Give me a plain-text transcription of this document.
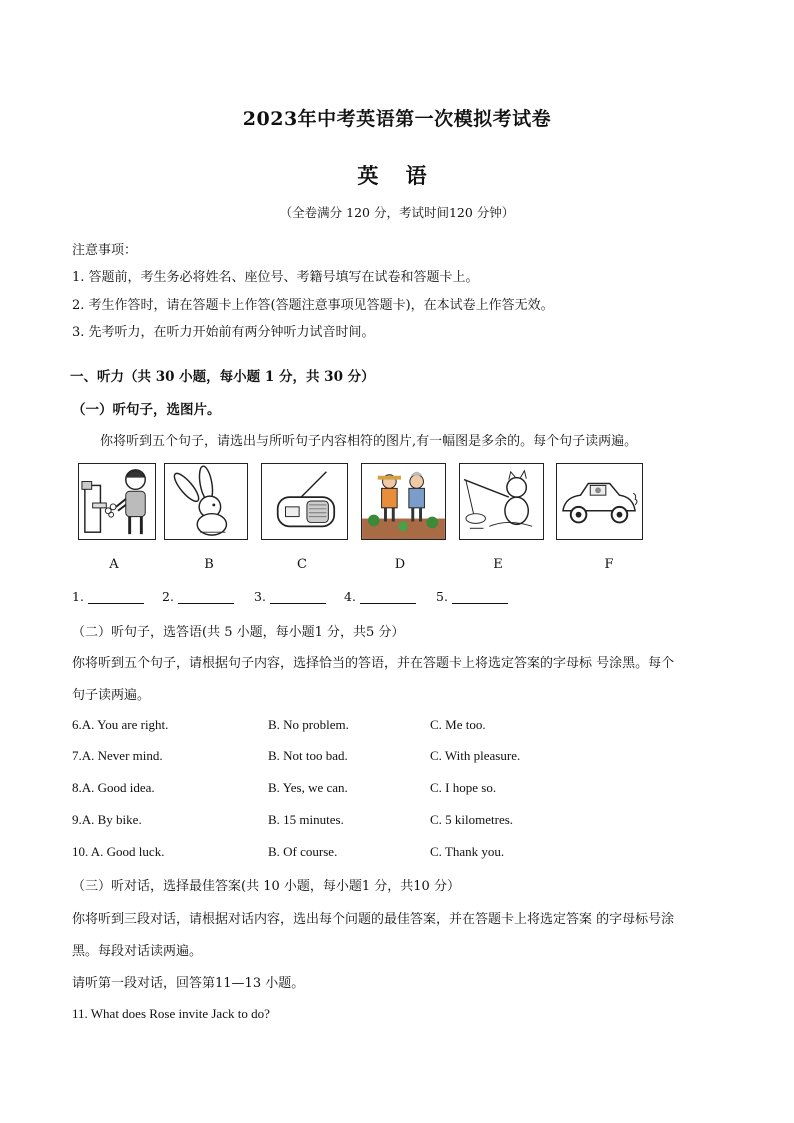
2023年中考英语第一次模拟考试卷
英 语
（全卷满分 120 分，考试时间120 分钟）
注意事项：
1. 答题前，考生务必将姓名、座位号、考籍号填写在试卷和答题卡上。
2. 考生作答时，请在答题卡上作答(答题注意事项见答题卡)，在本试卷上作答无效。
3. 先考听力，在听力开始前有两分钟听力试音时间。
一、听力（共 30 小题，每小题 1 分，共 30 分）
（一）听句子，选图片。
你将听到五个句子，请选出与所听句子内容相符的图片,有一幅图是多余的。每个句子读两遍。
A	B	C	D	E	F
1.	2.	3.	4.	5.
（二）听句子，选答语(共 5 小题，每小题1 分，共5 分）
你将听到五个句子，请根据句子内容，选择恰当的答语，并在答题卡上将选定答案的字母标 号涂黑。每个
句子读两遍。
6.A. You are right.	B. No problem.	C. Me too.
7.A. Never mind.	B. Not too bad.	C. With pleasure.
8.A. Good idea.	B. Yes, we can.	C. I hope so.
9.A. By bike.	B. 15 minutes.	C. 5 kilometres.
10. A. Good luck.	B. Of course.	C. Thank you.
（三）听对话，选择最佳答案(共 10 小题，每小题1 分，共10 分）
你将听到三段对话，请根据对话内容，选出每个问题的最佳答案，并在答题卡上将选定答案 的字母标号涂
黑。每段对话读两遍。
请听第一段对话，回答第11—13 小题。
11. What does Rose invite Jack to do?
